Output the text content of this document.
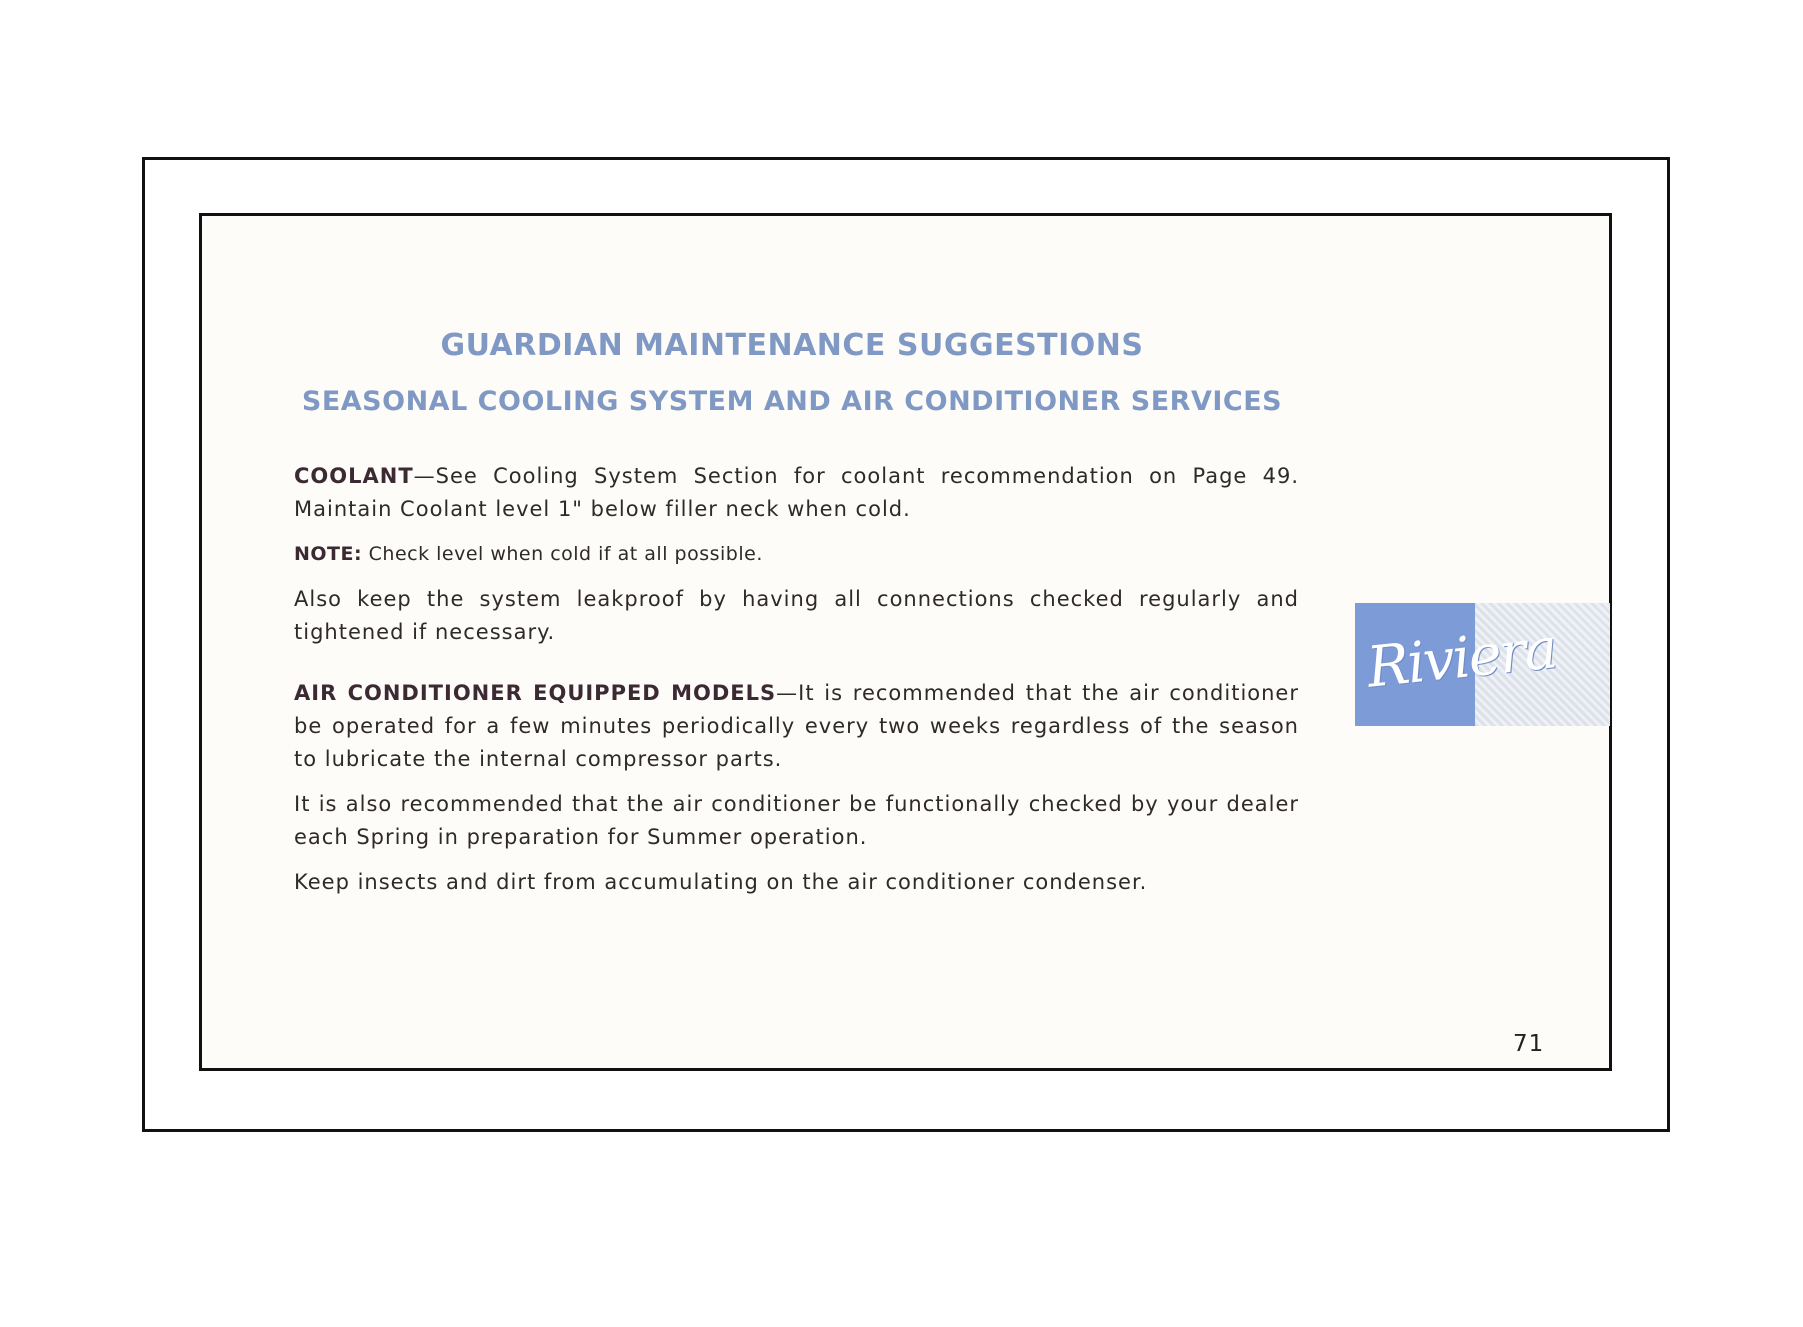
GUARDIAN MAINTENANCE SUGGESTIONS
SEASONAL COOLING SYSTEM AND AIR CONDITIONER SERVICES

COOLANT—See Cooling System Section for coolant recommendation on Page 49. Maintain Coolant level 1" below filler neck when cold.

NOTE: Check level when cold if at all possible.

Also keep the system leakproof by having all connections checked regularly and tightened if necessary.

AIR CONDITIONER EQUIPPED MODELS—It is recommended that the air conditioner be operated for a few minutes periodically every two weeks regardless of the season to lubricate the internal compressor parts.

It is also recommended that the air conditioner be functionally checked by your dealer each Spring in preparation for Summer operation.

Keep insects and dirt from accumulating on the air conditioner condenser.

Riviera
71
